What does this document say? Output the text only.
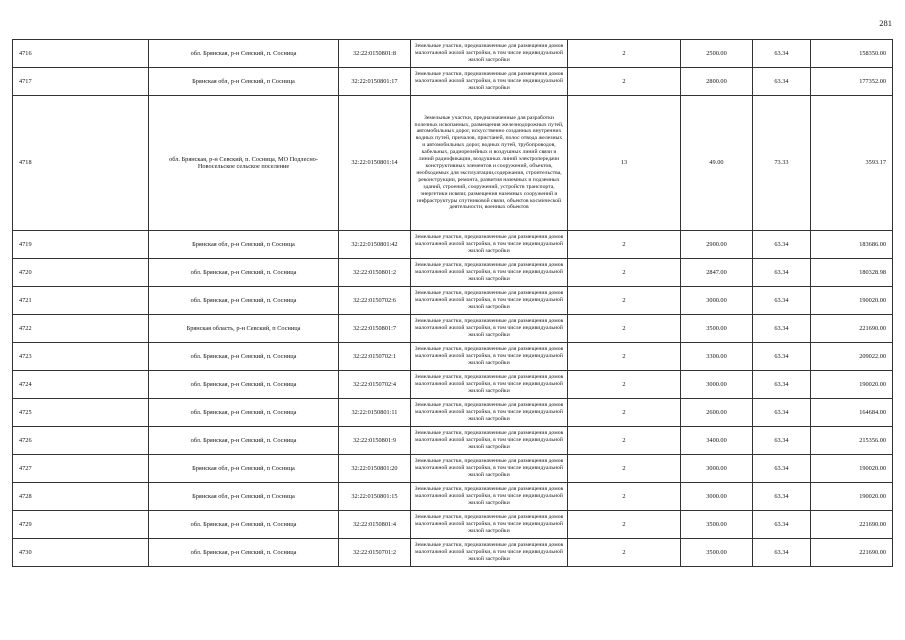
281
4716	обл. Брянская, р-н Севский, п. Сосница	32:22:0150801:8	Земельные участки, предназначенные для размещения домов малоэтажной жилой застройки, в том числе индивидуальной жилой застройки	2	2500.00	63.34	158350.00
4717	Брянская обл, р-н Севский, п Сосница	32:22:0150801:17	Земельные участки, предназначенные для размещения домов малоэтажной жилой застройки, в том числе индивидуальной жилой застройки	2	2800.00	63.34	177352.00
4718	обл. Брянская, р-н Севский, п. Сосница, МО Подлесно-Новосельское сельское поселение	32:22:0150801:14	Земельные участки, предназначенные для разработки полезных ископаемых, размещения железнодорожных путей, автомобильных дорог, искусственно созданных внутренних водных путей, причалов, пристаней, полос отвода железных и автомобильных дорог, водных путей, трубопроводов, кабельных, радиорелейных и воздушных линий связи и линий радиофикации, воздушных линий электропередачи конструктивных элементов и сооружений, объектов, необходимых для эксплуатации,содержания, строительства, реконструкции, ремонта, развития наземных и подземных зданий, строений, сооружений, устройств транспорта, энергетики исвязи; размещения наземных сооружений и инфраструктуры спутниковой связи, объектов космической деятельности, военных объектов	13	49.00	73.33	3593.17
4719	Брянская обл, р-н Севский, п Сосница	32:22:0150801:42	Земельные участки, предназначенные для размещения домов малоэтажной жилой застройки, в том числе индивидуальной жилой застройки	2	2900.00	63.34	183686.00
4720	обл. Брянская, р-н Севский, п. Сосница	32:22:0150801:2	Земельные участки, предназначенные для размещения домов малоэтажной жилой застройки, в том числе индивидуальной жилой застройки	2	2847.00	63.34	180328.98
4721	обл. Брянская, р-н Севский, п. Сосница	32:22:0150702:6	Земельные участки, предназначенные для размещения домов малоэтажной жилой застройки, в том числе индивидуальной жилой застройки	2	3000.00	63.34	190020.00
4722	Брянская область, р-н Севский, п Сосница	32:22:0150801:7	Земельные участки, предназначенные для размещения домов малоэтажной жилой застройки, в том числе индивидуальной жилой застройки	2	3500.00	63.34	221690.00
4723	обл. Брянская, р-н Севский, п. Сосница	32:22:0150702:1	Земельные участки, предназначенные для размещения домов малоэтажной жилой застройки, в том числе индивидуальной жилой застройки	2	3300.00	63.34	209022.00
4724	обл. Брянская, р-н Севский, п. Сосница	32:22:0150702:4	Земельные участки, предназначенные для размещения домов малоэтажной жилой застройки, в том числе индивидуальной жилой застройки	2	3000.00	63.34	190020.00
4725	обл. Брянская, р-н Севский, п. Сосница	32:22:0150801:11	Земельные участки, предназначенные для размещения домов малоэтажной жилой застройки, в том числе индивидуальной жилой застройки	2	2600.00	63.34	164684.00
4726	обл. Брянская, р-н Севский, п. Сосница	32:22:0150801:9	Земельные участки, предназначенные для размещения домов малоэтажной жилой застройки, в том числе индивидуальной жилой застройки	2	3400.00	63.34	215356.00
4727	Брянская обл, р-н Севский, п Сосница	32:22:0150801:20	Земельные участки, предназначенные для размещения домов малоэтажной жилой застройки, в том числе индивидуальной жилой застройки	2	3000.00	63.34	190020.00
4728	Брянская обл, р-н Севский, п Сосница	32:22:0150801:15	Земельные участки, предназначенные для размещения домов малоэтажной жилой застройки, в том числе индивидуальной жилой застройки	2	3000.00	63.34	190020.00
4729	обл. Брянская, р-н Севский, п. Сосница	32:22:0150801:4	Земельные участки, предназначенные для размещения домов малоэтажной жилой застройки, в том числе индивидуальной жилой застройки	2	3500.00	63.34	221690.00
4730	обл. Брянская, р-н Севский, п. Сосница	32:22:0150701:2	Земельные участки, предназначенные для размещения домов малоэтажной жилой застройки, в том числе индивидуальной жилой застройки	2	3500.00	63.34	221690.00
